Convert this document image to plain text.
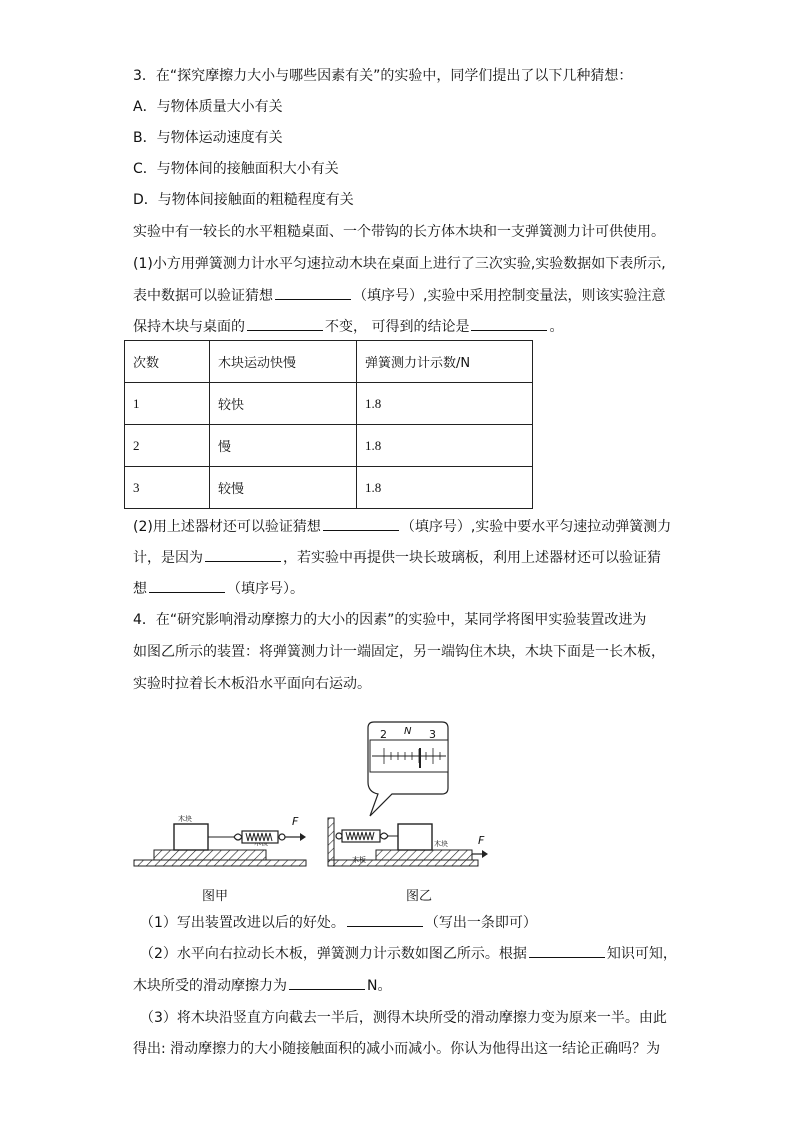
3．在“探究摩擦力大小与哪些因素有关”的实验中，同学们提出了以下几种猜想：
A．与物体质量大小有关
B．与物体运动速度有关
C．与物体间的接触面积大小有关
D．与物体间接触面的粗糙程度有关
实验中有一较长的水平粗糙桌面、一个带钩的长方体木块和一支弹簧测力计可供使用。
(1)小方用弹簧测力计水平匀速拉动木块在桌面上进行了三次实验,实验数据如下表所示,
表中数据可以验证猜想	（填序号）,实验中采用控制变量法，则该实验注意
保持木块与桌面的	不变， 可得到的结论是	。
次数	木块运动快慢	弹簧测力计示数/N
1	较快	1.8
2	慢	1.8
3	较慢	1.8
(2)用上述器材还可以验证猜想	（填序号）,实验中要水平匀速拉动弹簧测力
计，是因为	，若实验中再提供一块长玻璃板，利用上述器材还可以验证猜
想	（填序号）。
4．在“研究影响滑动摩擦力的大小的因素”的实验中，某同学将图甲实验装置改进为
如图乙所示的装置：将弹簧测力计一端固定，另一端钩住木块，木块下面是一长木板，
实验时拉着长木板沿水平面向右运动。
木块	F
图甲
木板
木块	F
2 N 3
图乙
（1）写出装置改进以后的好处。	（写出一条即可）
（2）水平向右拉动长木板，弹簧测力计示数如图乙所示。根据	知识可知，
木块所受的滑动摩擦力为	N。
（3）将木块沿竖直方向截去一半后，测得木块所受的滑动摩擦力变为原来一半。由此
得出: 滑动摩擦力的大小随接触面积的减小而减小。你认为他得出这一结论正确吗？为
